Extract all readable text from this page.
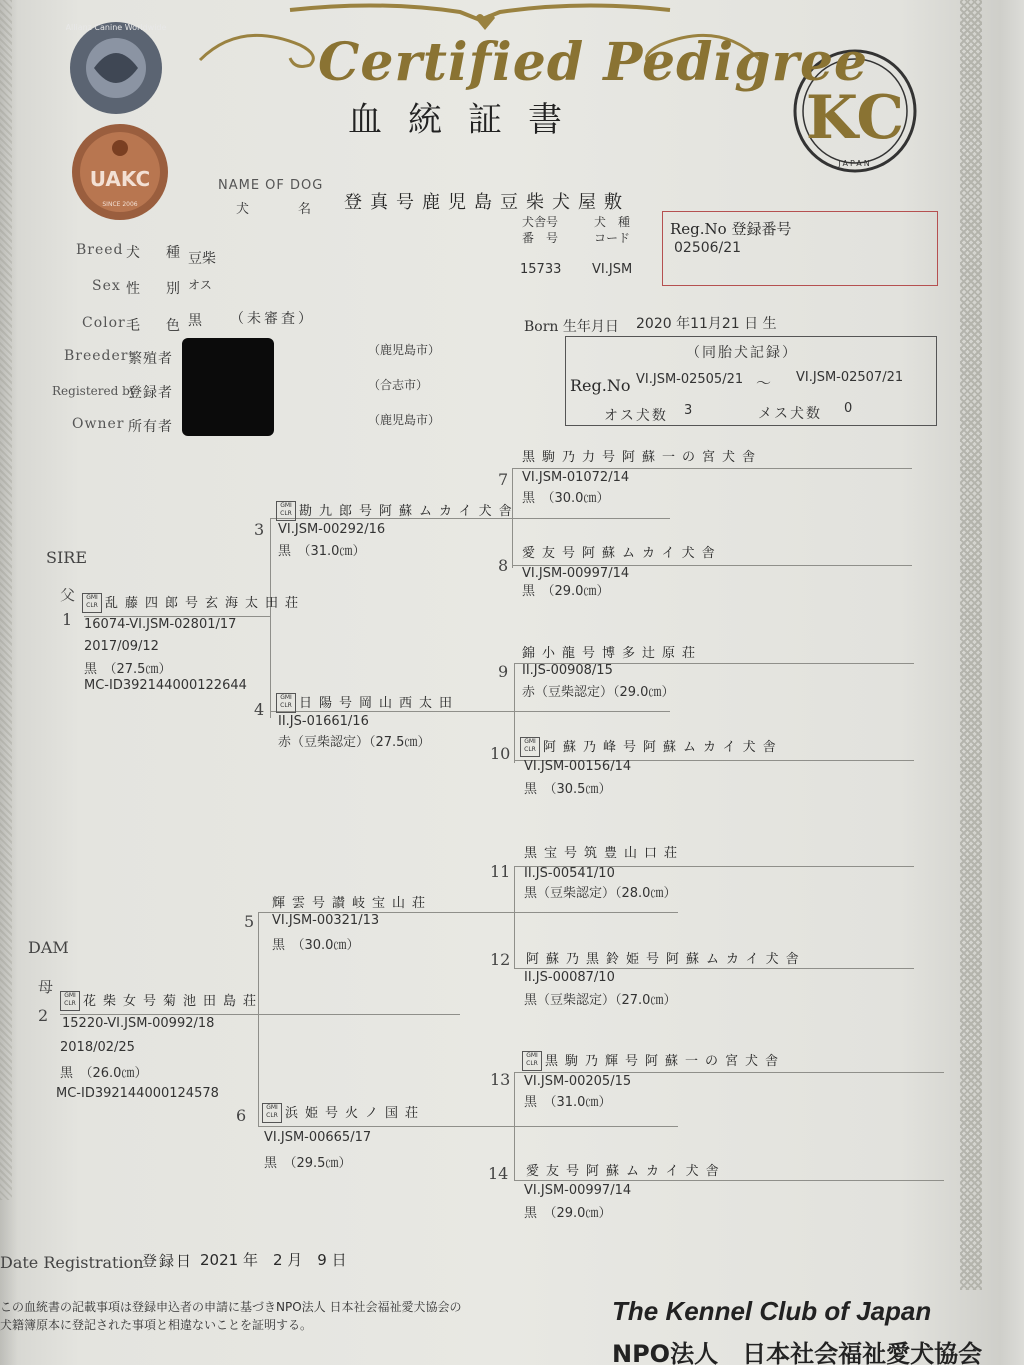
Allianz Canine Worldwide
UAKC
SINCE 2006
KC
JAPAN
Certified Pedigree
血統証書
NAME OF DOG
犬　名 登真号鹿児島豆柴犬屋敷
犬舎号
番　号
犬　種
コード
15733 VI.JSM
Reg.No 登録番号
02506/21
Breed 犬　種 豆柴
Sex 性　別 オス
Color 毛　色 黒 （未審査）	Born 生年月日 2020 年11月21 日 生
Breeder 繁殖者
（鹿児島市）
Registered by
登録者	（合志市）
Owner 所有者	（鹿児島市）
（同胎犬記録）
Reg.No VI.JSM-02505/21 ～ VI.JSM-02507/21
オス犬数 3	メス犬数 0
SIRE
父
DAM
母
1
GMI
CLR 乱藤四郎号玄海太田荘
16074-VI.JSM-02801/17
2017/09/12
黒　（27.5㎝）
MC-ID392144000122644
2
GMI
CLR 花柴女号菊池田島荘
15220-VI.JSM-00992/18
2018/02/25
黒　（26.0㎝）
MC-ID392144000124578
3
GMI
CLR 勘九郎号阿蘇ムカイ犬舎
VI.JSM-00292/16
黒　（31.0㎝）
4
GMI
CLR 日陽号岡山西太田
II.JS-01661/16
赤（豆柴認定）（27.5㎝）
5
輝雲号讃岐宝山荘
VI.JSM-00321/13
黒　（30.0㎝）
6	GMI
CLR 浜姫号火ノ国荘
VI.JSM-00665/17
黒　（29.5㎝）
7
黒駒乃力号阿蘇一の宮犬舎
VI.JSM-01072/14
黒　（30.0㎝）
8
愛友号阿蘇ムカイ犬舎
VI.JSM-00997/14
黒　（29.0㎝）
9
錦小龍号博多辻原荘
II.JS-00908/15
赤（豆柴認定）（29.0㎝）
10
GMI
CLR 阿蘇乃峰号阿蘇ムカイ犬舎
VI.JSM-00156/14
黒　（30.5㎝）
11
黒宝号筑豊山口荘
II.JS-00541/10
黒（豆柴認定）（28.0㎝）
12 阿蘇乃黒鈴姫号阿蘇ムカイ犬舎
II.JS-00087/10
黒（豆柴認定）（27.0㎝）
13
GMI
CLR 黒駒乃輝号阿蘇一の宮犬舎
VI.JSM-00205/15
黒　（31.0㎝）
14 愛友号阿蘇ムカイ犬舎
VI.JSM-00997/14
黒　（29.0㎝）
Date Registration
登録日 2021 年　2 月　9 日
この血統書の記載事項は登録申込者の申請に基づきNPO法人 日本社会福祉愛犬協会の
犬籍簿原本に登記された事項と相違ないことを証明する。	The Kennel Club of Japan
NPO法人　日本社会福祉愛犬協会
